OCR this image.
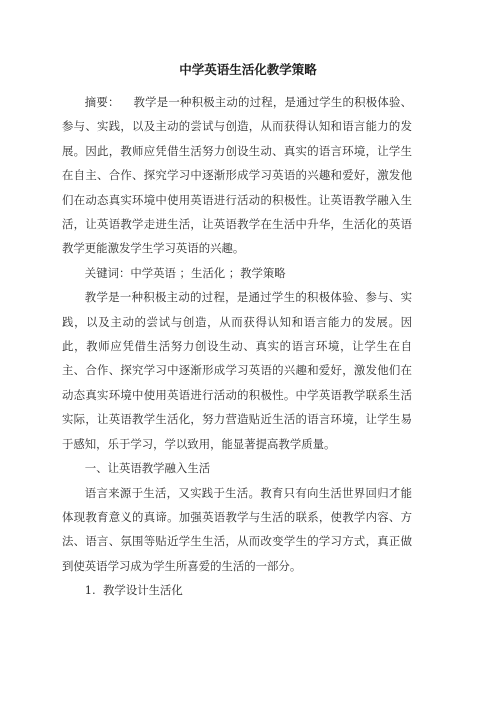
中学英语生活化教学策略

摘要： 教学是一种积极主动的过程，是通过学生的积极体验、参与、实践，以及主动的尝试与创造，从而获得认知和语言能力的发展。因此，教师应凭借生活努力创设生动、真实的语言环境，让学生在自主、合作、探究学习中逐渐形成学习英语的兴趣和爱好，激发他们在动态真实环境中使用英语进行活动的积极性。让英语教学融入生活，让英语教学走进生活，让英语教学在生活中升华，生活化的英语教学更能激发学生学习英语的兴趣。

关键词：中学英语 ；生活化 ；教学策略

教学是一种积极主动的过程，是通过学生的积极体验、参与、实践，以及主动的尝试与创造，从而获得认知和语言能力的发展。因此，教师应凭借生活努力创设生动、真实的语言环境，让学生在自主、合作、探究学习中逐渐形成学习英语的兴趣和爱好，激发他们在动态真实环境中使用英语进行活动的积极性。中学英语教学联系生活实际，让英语教学生活化，努力营造贴近生活的语言环境，让学生易于感知，乐于学习，学以致用，能显著提高教学质量。

一、让英语教学融入生活

语言来源于生活，又实践于生活。教育只有向生活世界回归才能体现教育意义的真谛。加强英语教学与生活的联系，使教学内容、方法、语言、氛围等贴近学生生活，从而改变学生的学习方式，真正做到使英语学习成为学生所喜爱的生活的一部分。

1. 教学设计生活化
